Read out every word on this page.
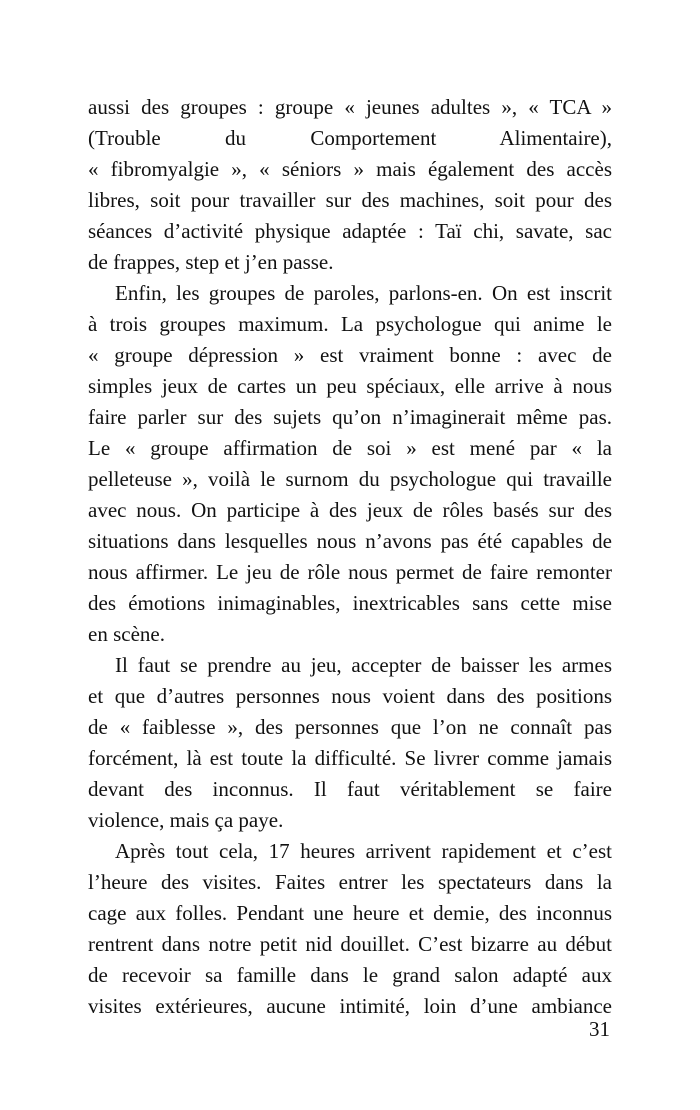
aussi des groupes : groupe « jeunes adultes », « TCA »
(Trouble du Comportement Alimentaire),
« fibromyalgie », « séniors » mais également des accès
libres, soit pour travailler sur des machines, soit pour des
séances d’activité physique adaptée : Taï chi, savate, sac
de frappes, step et j’en passe.
Enfin, les groupes de paroles, parlons-en. On est inscrit
à trois groupes maximum. La psychologue qui anime le
« groupe dépression » est vraiment bonne : avec de
simples jeux de cartes un peu spéciaux, elle arrive à nous
faire parler sur des sujets qu’on n’imaginerait même pas.
Le « groupe affirmation de soi » est mené par « la
pelleteuse », voilà le surnom du psychologue qui travaille
avec nous. On participe à des jeux de rôles basés sur des
situations dans lesquelles nous n’avons pas été capables de
nous affirmer. Le jeu de rôle nous permet de faire remonter
des émotions inimaginables, inextricables sans cette mise
en scène.
Il faut se prendre au jeu, accepter de baisser les armes
et que d’autres personnes nous voient dans des positions
de « faiblesse », des personnes que l’on ne connaît pas
forcément, là est toute la difficulté. Se livrer comme jamais
devant des inconnus. Il faut véritablement se faire
violence, mais ça paye.
Après tout cela, 17 heures arrivent rapidement et c’est
l’heure des visites. Faites entrer les spectateurs dans la
cage aux folles. Pendant une heure et demie, des inconnus
rentrent dans notre petit nid douillet. C’est bizarre au début
de recevoir sa famille dans le grand salon adapté aux
visites extérieures, aucune intimité, loin d’une ambiance
31
